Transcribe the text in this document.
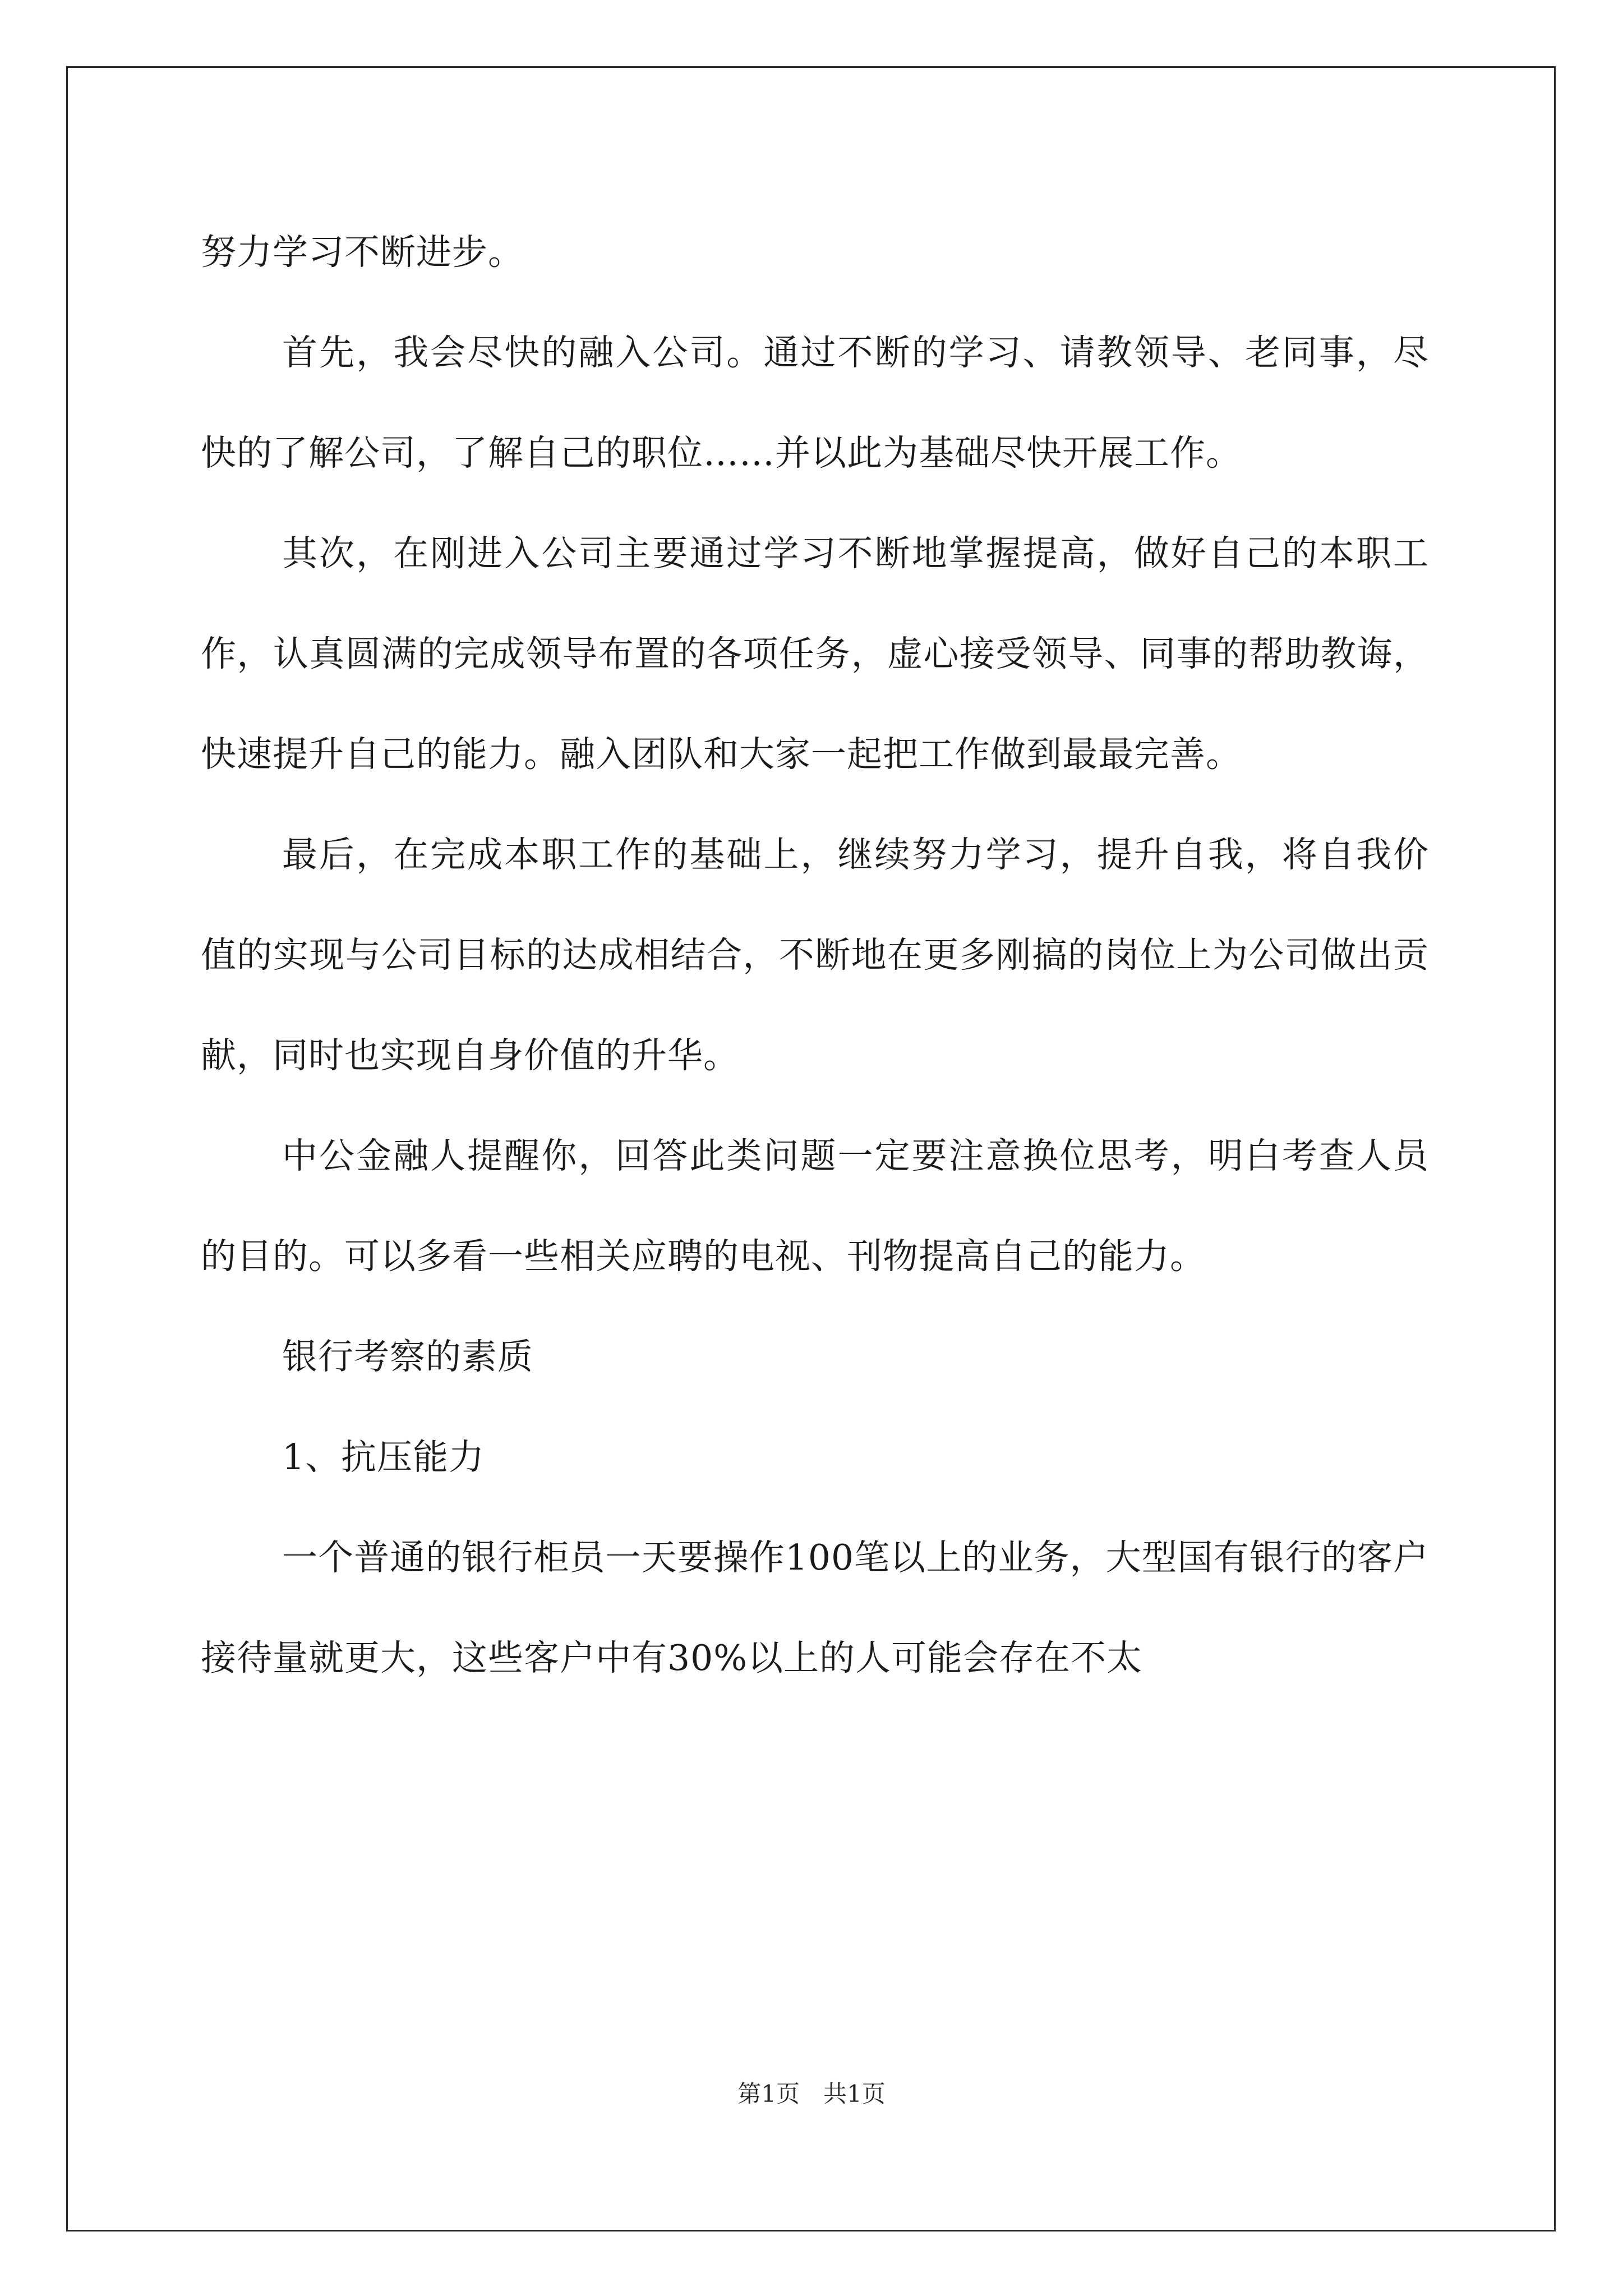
努力学习不断进步。

首先，我会尽快的融入公司。通过不断的学习、请教领导、老同事，尽快的了解公司，了解自己的职位……并以此为基础尽快开展工作。

其次，在刚进入公司主要通过学习不断地掌握提高，做好自己的本职工作，认真圆满的完成领导布置的各项任务，虚心接受领导、同事的帮助教诲，快速提升自己的能力。融入团队和大家一起把工作做到最最完善。

最后，在完成本职工作的基础上，继续努力学习，提升自我，将自我价值的实现与公司目标的达成相结合，不断地在更多刚搞的岗位上为公司做出贡献，同时也实现自身价值的升华。

中公金融人提醒你，回答此类问题一定要注意换位思考，明白考查人员的目的。可以多看一些相关应聘的电视、刊物提高自己的能力。

银行考察的素质

1、抗压能力

一个普通的银行柜员一天要操作100笔以上的业务，大型国有银行的客户接待量就更大，这些客户中有30%以上的人可能会存在不太

第1页　共1页
